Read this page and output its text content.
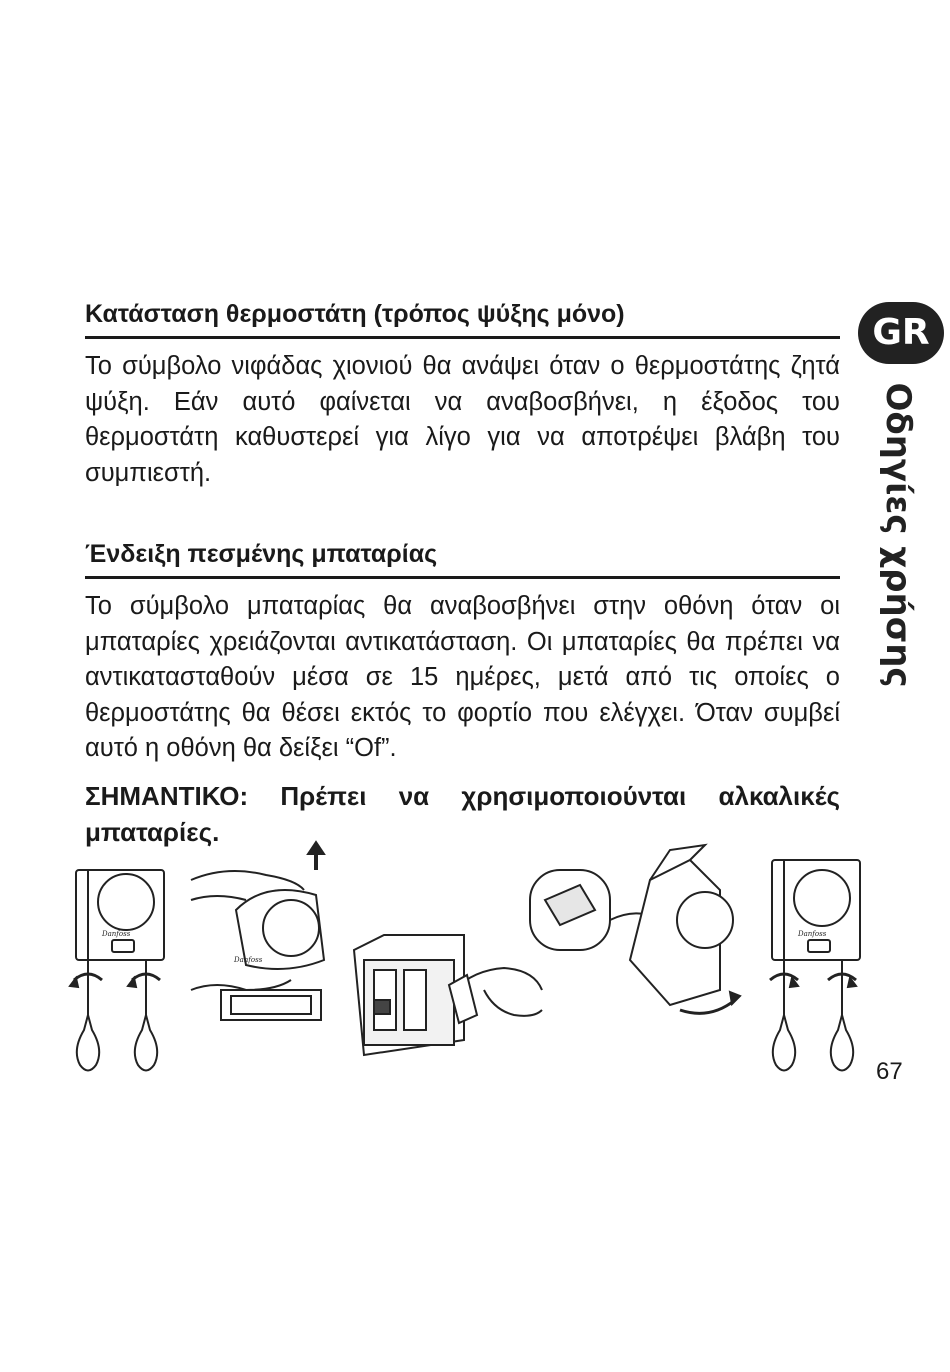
Κατάσταση θερμοστάτη (τρόπος ψύξης μόνο)

Το σύμβολο νιφάδας χιονιού θα ανάψει όταν ο θερμοστάτης ζητά ψύξη. Εάν αυτό φαίνεται να αναβοσβήνει, η έξοδος του θερμοστάτη καθυστερεί για λίγο για να αποτρέψει βλάβη του συμπιεστή.

Ένδειξη πεσμένης μπαταρίας

Το σύμβολο μπαταρίας θα αναβοσβήνει στην οθόνη όταν οι μπαταρίες χρειάζονται αντικατάσταση. Οι μπαταρίες θα πρέπει να αντικατασταθούν μέσα σε 15 ημέρες, μετά από τις οποίες ο θερμοστάτης θα θέσει εκτός το φορτίο που ελέγχει. Όταν συμβεί αυτό η οθόνη θα δείξει “Of”.

ΣΗΜΑΝΤΙΚΟ: Πρέπει να χρησιμοποιούνται αλκαλικές μπαταρίες.
GR
Οδηγίες χρήσης
67
Danfoss
Danfoss
Danfoss
